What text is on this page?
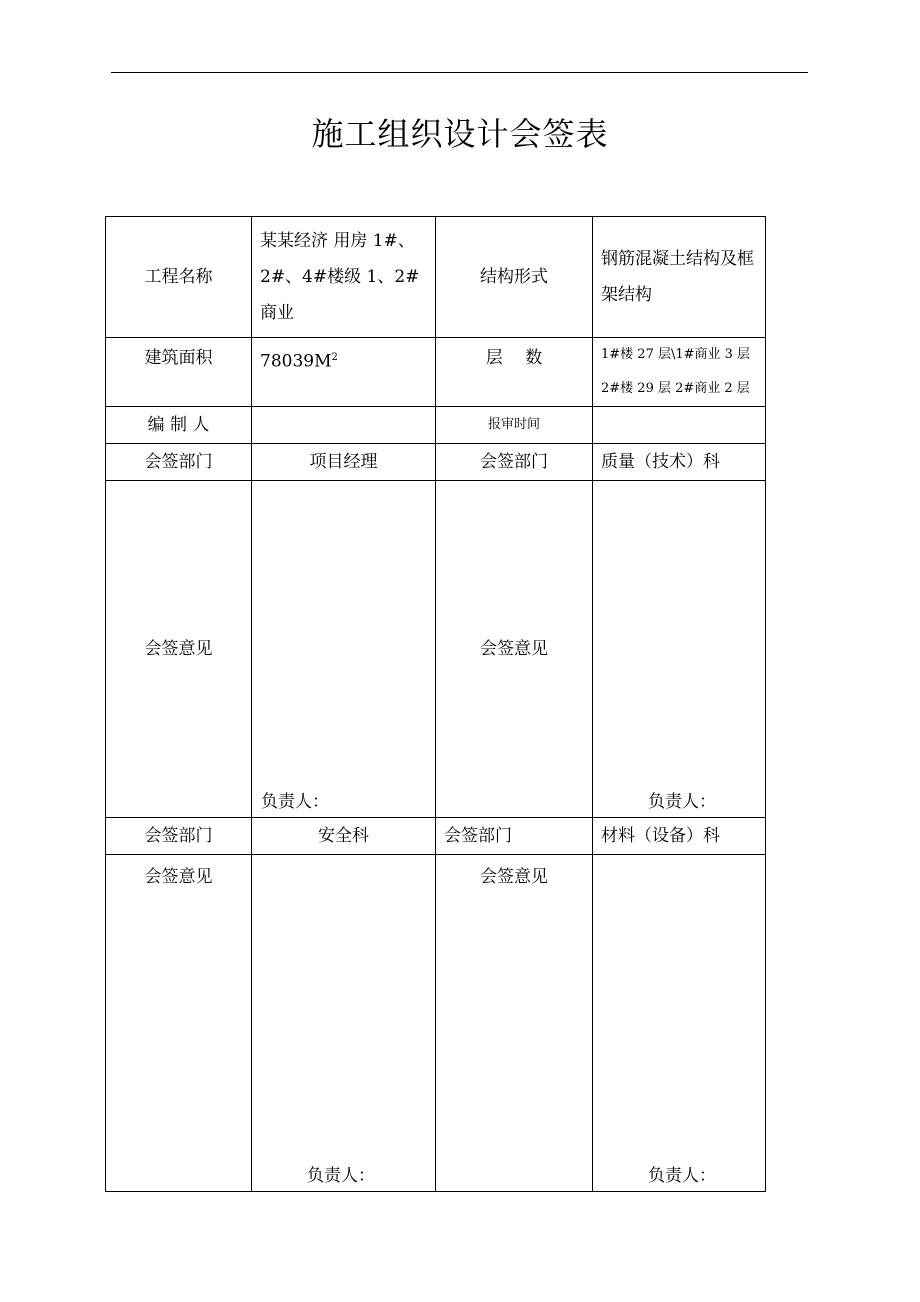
施工组织设计会签表
工程名称	某某经济 用房 1#、2#、4#楼级 1、2#商业	结构形式	钢筋混凝土结构及框架结构
建筑面积	$78039M^2$	层　 数	1#楼 27 层\1#商业 3 层
2#楼 29 层 2#商业 2 层

编 制 人		报审时间	
会签部门	项目经理	会签部门	质量（技术）科
会签意见	负责人：	会签意见	负责人：

会签部门	安全科	会签部门	材料（设备）科
会签意见	负责人：	会签意见	负责人：
